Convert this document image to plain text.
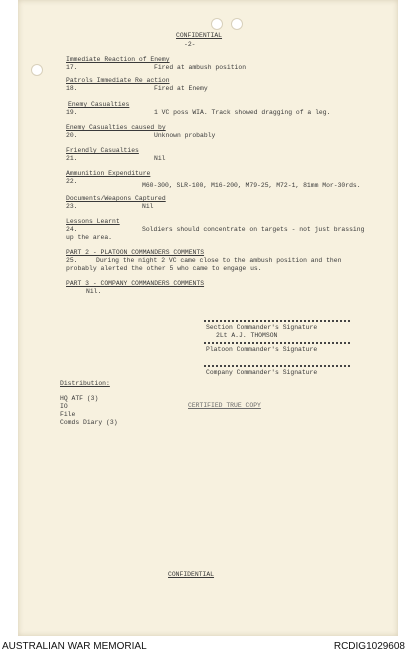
CONFIDENTIAL
-2-
Immediate Reaction of Enemy
17.	Fired at ambush position
Patrols Immediate Re action
18.	Fired at Enemy
Enemy Casualties
19.	1 VC poss WIA. Track showed dragging of a leg.
Enemy Casualties caused by
20.	Unknown probably
Friendly Casualties
21.	Nil
Ammunition Expenditure
22.
M60-300, SLR-100, M16-200, M79-25, M72-1, 81mm Mor-30rds.
Documents/Weapons Captured
23.	Nil
Lessons Learnt
24.	Soldiers should concentrate on targets - not just brassing
up the area.
PART 2 - PLATOON COMMANDERS COMMENTS
25.	During the night 2 VC came close to the ambush position and then
probably alerted the other 5 who came to engage us.
PART 3 - COMPANY COMMANDERS COMMENTS
Nil.
Section Commander's Signature
2Lt A.J. THOMSON
Platoon Commander's Signature
Company Commander's Signature
Distribution:
HQ ATF (3)
IO
File
Comds Diary (3)
CERTIFIED TRUE COPY
CONFIDENTIAL
AUSTRALIAN WAR MEMORIAL	RCDIG1029608
